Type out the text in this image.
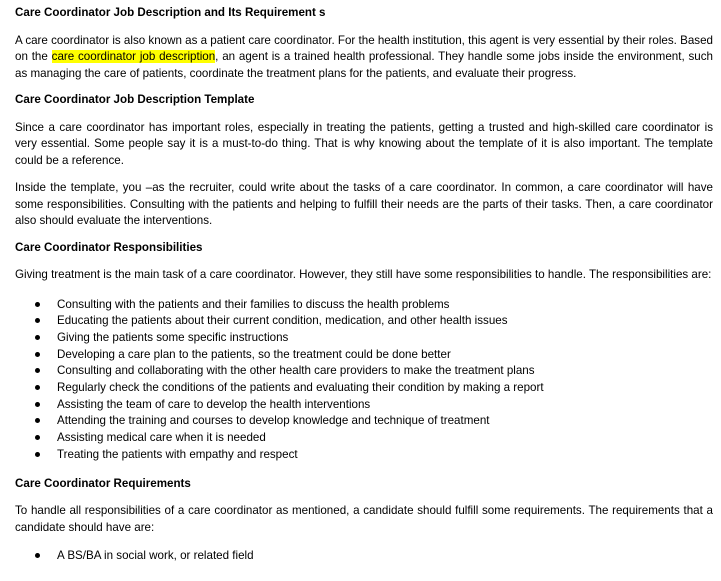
Care Coordinator Job Description and Its Requirement s

A care coordinator is also known as a patient care coordinator. For the health institution, this agent is very essential by their roles. Based on the care coordinator job description, an agent is a trained health professional. They handle some jobs inside the environment, such as managing the care of patients, coordinate the treatment plans for the patients, and evaluate their progress.

Care Coordinator Job Description Template

Since a care coordinator has important roles, especially in treating the patients, getting a trusted and high-skilled care coordinator is very essential. Some people say it is a must-to-do thing. That is why knowing about the template of it is also important. The template could be a reference.

Inside the template, you –as the recruiter, could write about the tasks of a care coordinator. In common, a care coordinator will have some responsibilities. Consulting with the patients and helping to fulfill their needs are the parts of their tasks. Then, a care coordinator also should evaluate the interventions.

Care Coordinator Responsibilities

Giving treatment is the main task of a care coordinator. However, they still have some responsibilities to handle. The responsibilities are:

Consulting with the patients and their families to discuss the health problems
Educating the patients about their current condition, medication, and other health issues
Giving the patients some specific instructions
Developing a care plan to the patients, so the treatment could be done better
Consulting and collaborating with the other health care providers to make the treatment plans
Regularly check the conditions of the patients and evaluating their condition by making a report
Assisting the team of care to develop the health interventions
Attending the training and courses to develop knowledge and technique of treatment
Assisting medical care when it is needed
Treating the patients with empathy and respect
Care Coordinator Requirements

To handle all responsibilities of a care coordinator as mentioned, a candidate should fulfill some requirements. The requirements that a candidate should have are:

A BS/BA in social work, or related field
